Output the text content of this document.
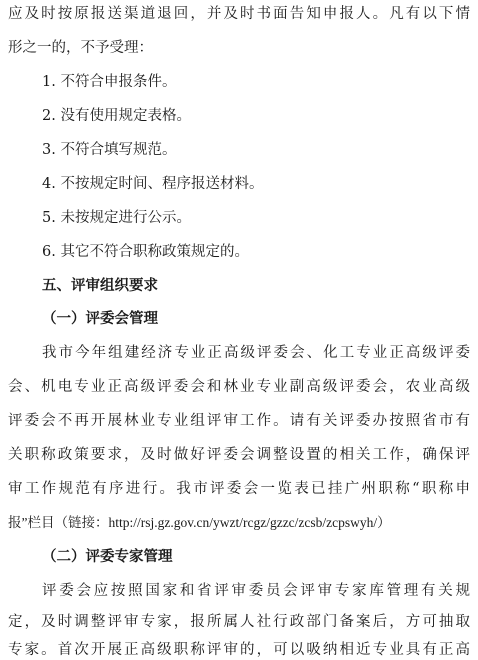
应及时按原报送渠道退回，并及时书面告知申报人。凡有以下情
形之一的，不予受理：
1. 不符合申报条件。
2. 没有使用规定表格。
3. 不符合填写规范。
4. 不按规定时间、程序报送材料。
5. 未按规定进行公示。
6. 其它不符合职称政策规定的。
五、评审组织要求
（一）评委会管理
我市今年组建经济专业正高级评委会、化工专业正高级评委
会、机电专业正高级评委会和林业专业副高级评委会，农业高级
评委会不再开展林业专业组评审工作。请有关评委办按照省市有
关职称政策要求，及时做好评委会调整设置的相关工作，确保评
审工作规范有序进行。我市评委会一览表已挂广州职称“职称申
报”栏目（链接：http://rsj.gz.gov.cn/ywzt/rcgz/gzzc/zcsb/zcpswyh/）
（二）评委专家管理
评委会应按照国家和省评审委员会评审专家库管理有关规
定，及时调整评审专家，报所属人社行政部门备案后，方可抽取
专家。首次开展正高级职称评审的，可以吸纳相近专业具有正高
